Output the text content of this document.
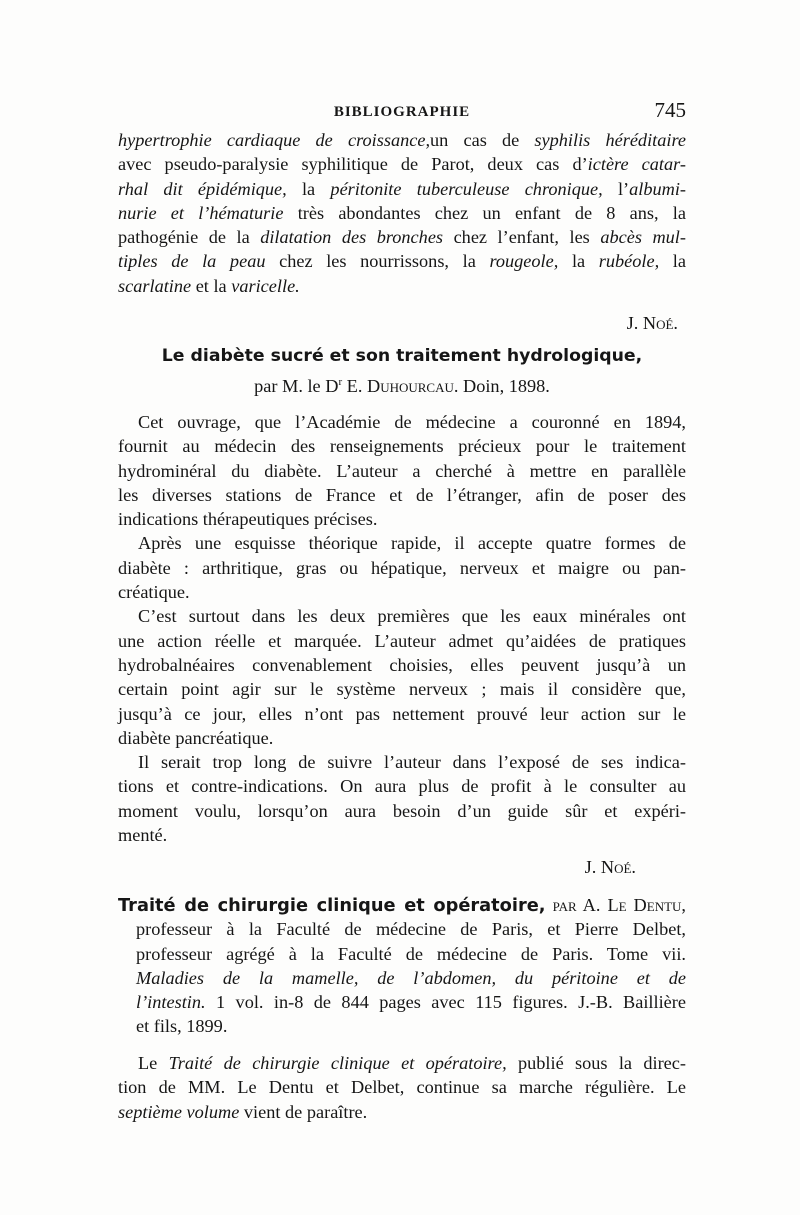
BIBLIOGRAPHIE	745
hypertrophie cardiaque de croissance,un cas de syphilis héréditaire
avec pseudo-paralysie syphilitique de Parot, deux cas d’ictère catar-
rhal dit épidémique, la péritonite tuberculeuse chronique, l’albumi-
nurie et l’hématurie très abondantes chez un enfant de 8 ans, la
pathogénie de la dilatation des bronches chez l’enfant, les abcès mul-
tiples de la peau chez les nourrissons, la rougeole, la rubéole, la
scarlatine et la varicelle.
J. Noé.
Le diabète sucré et son traitement hydrologique,
par M. le $D^r$ E. Duhourcau. Doin, 1898.
Cet ouvrage, que l’Académie de médecine a couronné en 1894,
fournit au médecin des renseignements précieux pour le traitement
hydrominéral du diabète. L’auteur a cherché à mettre en parallèle
les diverses stations de France et de l’étranger, afin de poser des
indications thérapeutiques précises.
Après une esquisse théorique rapide, il accepte quatre formes de
diabète : arthritique, gras ou hépatique, nerveux et maigre ou pan-
créatique.
C’est surtout dans les deux premières que les eaux minérales ont
une action réelle et marquée. L’auteur admet qu’aidées de pratiques
hydrobalnéaires convenablement choisies, elles peuvent jusqu’à un
certain point agir sur le système nerveux ; mais il considère que,
jusqu’à ce jour, elles n’ont pas nettement prouvé leur action sur le
diabète pancréatique.
Il serait trop long de suivre l’auteur dans l’exposé de ses indica-
tions et contre-indications. On aura plus de profit à le consulter au
moment voulu, lorsqu’on aura besoin d’un guide sûr et expéri-
menté.
J. Noé.
Traité de chirurgie clinique et opératoire, par A. Le Dentu,
professeur à la Faculté de médecine de Paris, et Pierre Delbet,
professeur agrégé à la Faculté de médecine de Paris. Tome vii.
Maladies de la mamelle, de l’abdomen, du péritoine et de
l’intestin. 1 vol. in-8 de 844 pages avec 115 figures. J.-B. Baillière
et fils, 1899.
Le Traité de chirurgie clinique et opératoire, publié sous la direc-
tion de MM. Le Dentu et Delbet, continue sa marche régulière. Le
septième volume vient de paraître.
